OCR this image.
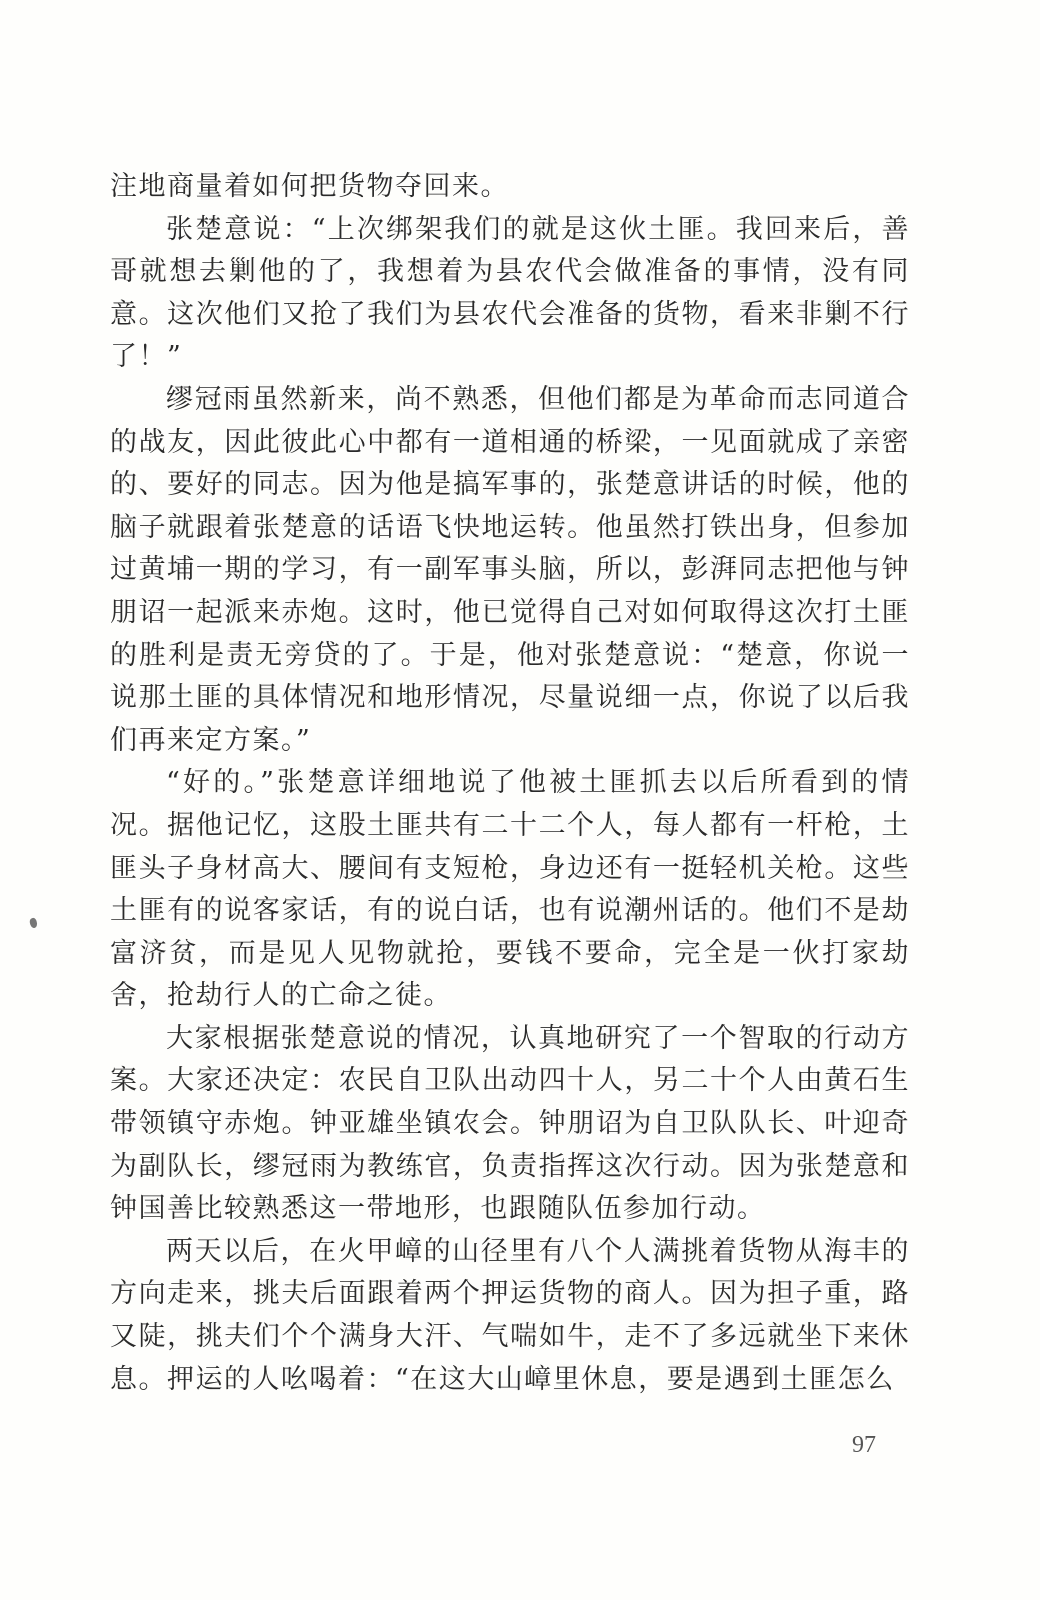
注地商量着如何把货物夺回来。

张楚意说：“上次绑架我们的就是这伙土匪。我回来后，善哥就想去剿他的了，我想着为县农代会做准备的事情，没有同意。这次他们又抢了我们为县农代会准备的货物，看来非剿不行了！”

缪冠雨虽然新来，尚不熟悉，但他们都是为革命而志同道合的战友，因此彼此心中都有一道相通的桥梁，一见面就成了亲密的、要好的同志。因为他是搞军事的，张楚意讲话的时候，他的脑子就跟着张楚意的话语飞快地运转。他虽然打铁出身，但参加过黄埔一期的学习，有一副军事头脑，所以，彭湃同志把他与钟朋诏一起派来赤炮。这时，他已觉得自己对如何取得这次打土匪的胜利是责无旁贷的了。于是，他对张楚意说：“楚意，你说一说那土匪的具体情况和地形情况，尽量说细一点，你说了以后我们再来定方案。”

“好的。”张楚意详细地说了他被土匪抓去以后所看到的情况。据他记忆，这股土匪共有二十二个人，每人都有一杆枪，土匪头子身材高大、腰间有支短枪，身边还有一挺轻机关枪。这些土匪有的说客家话，有的说白话，也有说潮州话的。他们不是劫富济贫，而是见人见物就抢，要钱不要命，完全是一伙打家劫舍，抢劫行人的亡命之徒。

大家根据张楚意说的情况，认真地研究了一个智取的行动方案。大家还决定：农民自卫队出动四十人，另二十个人由黄石生带领镇守赤炮。钟亚雄坐镇农会。钟朋诏为自卫队队长、叶迎奇为副队长，缪冠雨为教练官，负责指挥这次行动。因为张楚意和钟国善比较熟悉这一带地形，也跟随队伍参加行动。

两天以后，在火甲嶂的山径里有八个人满挑着货物从海丰的方向走来，挑夫后面跟着两个押运货物的商人。因为担子重，路又陡，挑夫们个个满身大汗、气喘如牛，走不了多远就坐下来休息。押运的人吆喝着：“在这大山嶂里休息，要是遇到土匪怎么

97
